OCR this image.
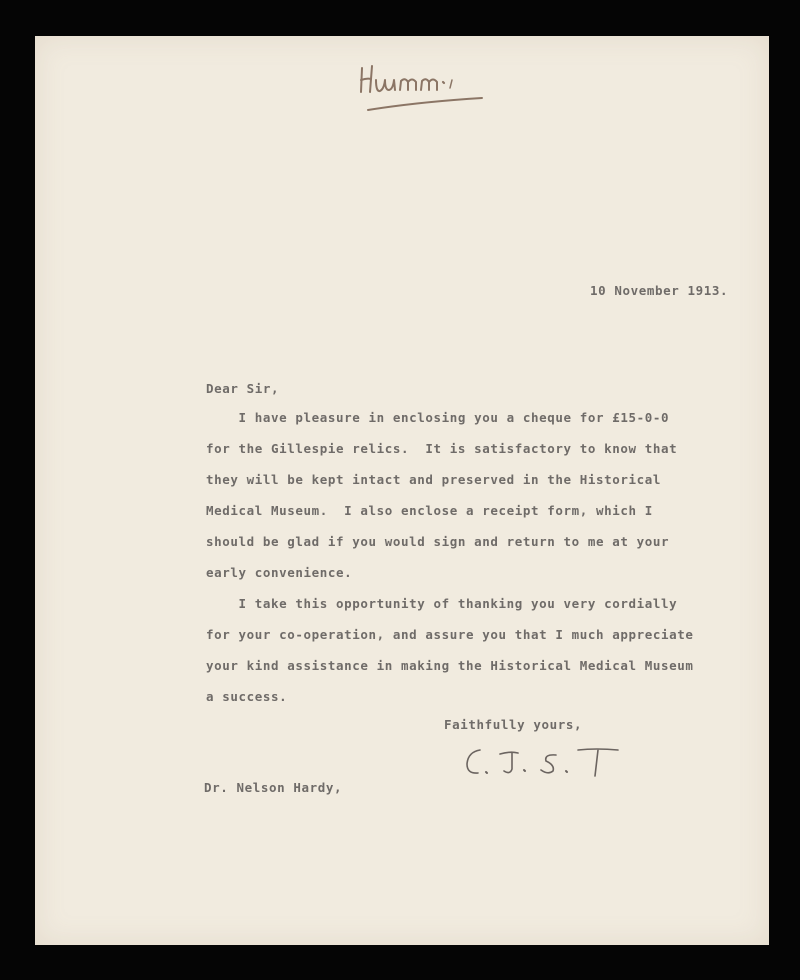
10 November 1913.
Dear Sir,
I have pleasure in enclosing you a cheque for £15-0-0
for the Gillespie relics.  It is satisfactory to know that
they will be kept intact and preserved in the Historical
Medical Museum.  I also enclose a receipt form, which I
should be glad if you would sign and return to me at your
early convenience.
I take this opportunity of thanking you very cordially
for your co-operation, and assure you that I much appreciate
your kind assistance in making the Historical Medical Museum
a success.
Faithfully yours,
Dr. Nelson Hardy,
